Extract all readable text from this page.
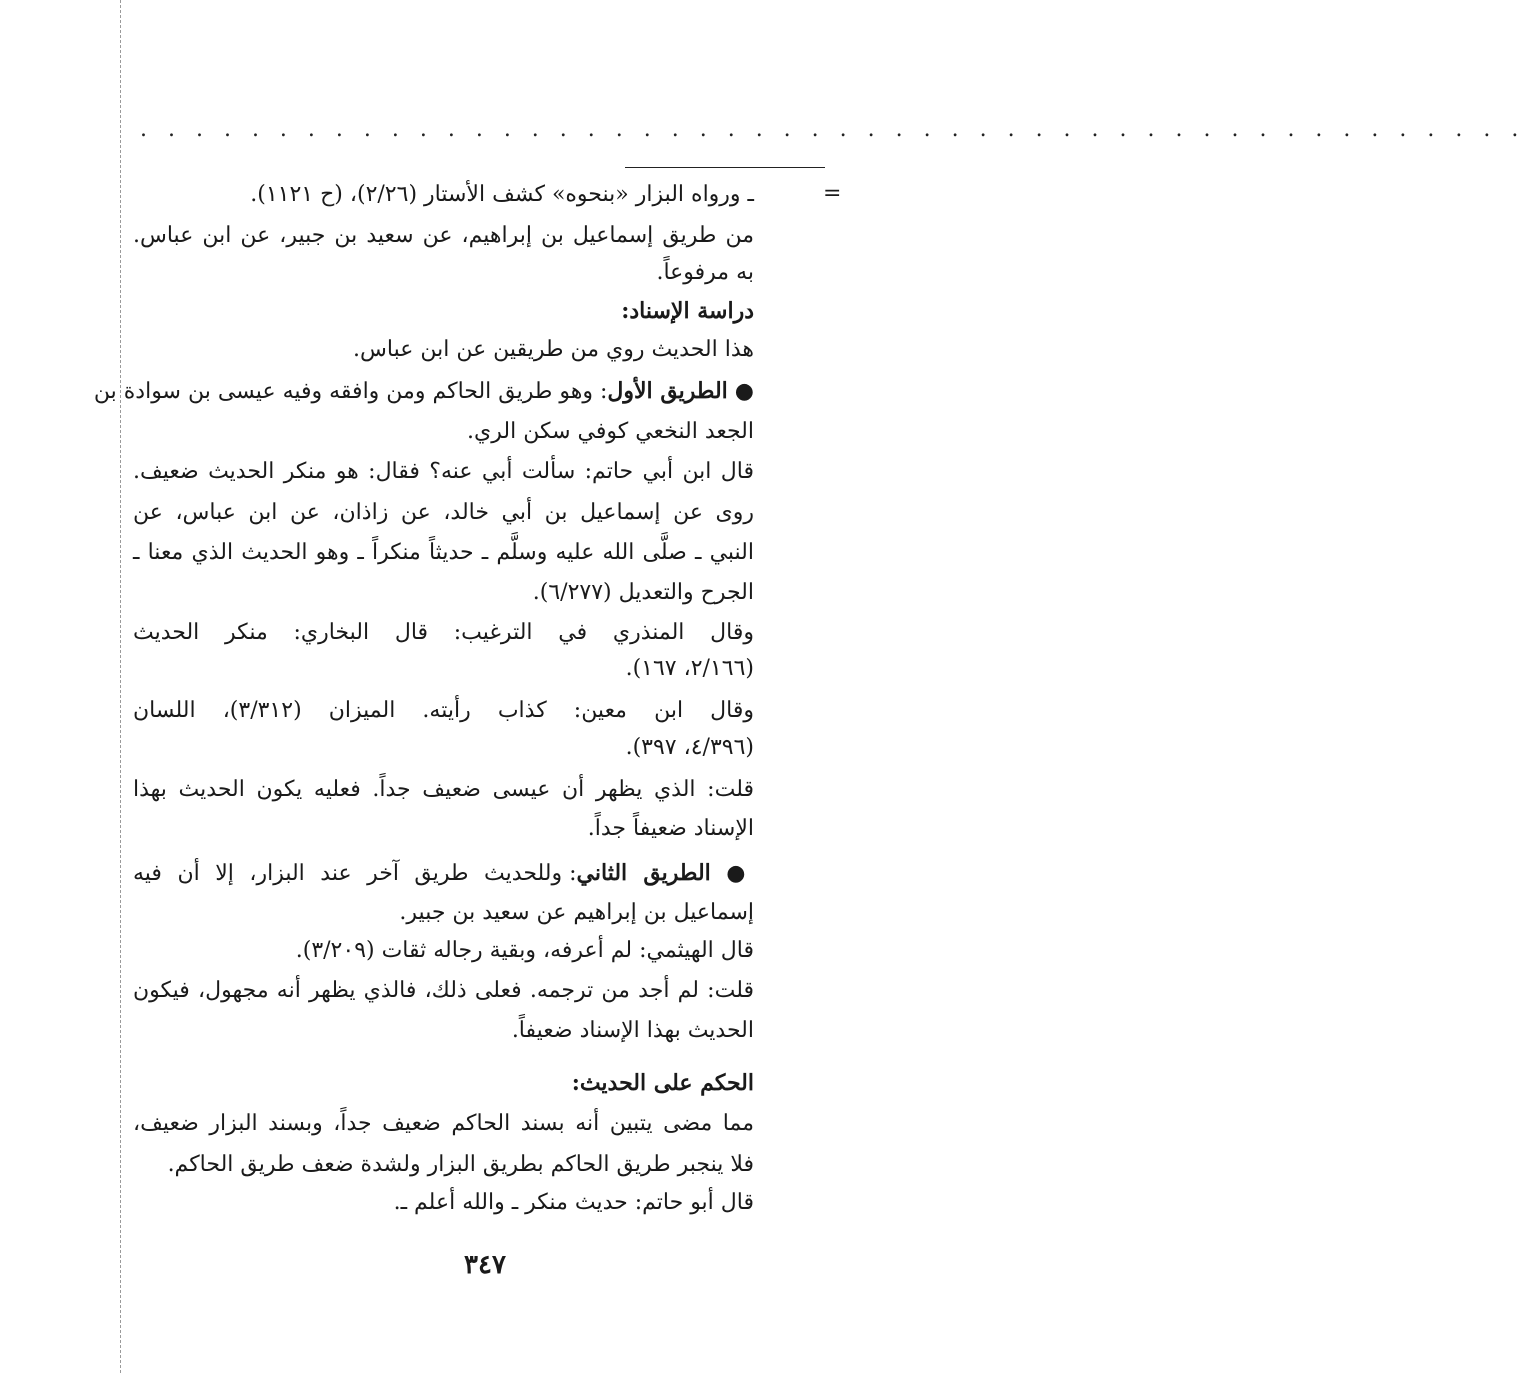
. . . . . . . . . . . . . . . . . . . . . . . . . . . . . . . . . . . . . . . . . . . . . . . . . .
=
ـ ورواه البزار «بنحوه» كشف الأستار (٢/٢٦)، (ح ١١٢١).
من طريق إسماعيل بن إبراهيم، عن سعيد بن جبير، عن ابن عباس.
به مرفوعاً.
دراسة الإسناد:
هذا الحديث روي من طريقين عن ابن عباس.
● الطريق الأول: وهو طريق الحاكم ومن وافقه وفيه عيسى بن سوادة بن
الجعد النخعي كوفي سكن الري.
قال ابن أبي حاتم: سألت أبي عنه؟ فقال: هو منكر الحديث ضعيف.
روى عن إسماعيل بن أبي خالد، عن زاذان، عن ابن عباس، عن
النبي ـ صلَّى الله عليه وسلَّم ـ حديثاً منكراً ـ وهو الحديث الذي معنا ـ
الجرح والتعديل (٦/٢٧٧).
وقال المنذري في الترغيب: قال البخاري: منكر الحديث
(٢/١٦٦، ١٦٧).
وقال ابن معين: كذاب رأيته. الميزان (٣/٣١٢)، اللسان
(٤/٣٩٦، ٣٩٧).
قلت: الذي يظهر أن عيسى ضعيف جداً. فعليه يكون الحديث بهذا
الإسناد ضعيفاً جداً.
● الطريق الثاني: وللحديث طريق آخر عند البزار، إلا أن فيه
إسماعيل بن إبراهيم عن سعيد بن جبير.
قال الهيثمي: لم أعرفه، وبقية رجاله ثقات (٣/٢٠٩).
قلت: لم أجد من ترجمه. فعلى ذلك، فالذي يظهر أنه مجهول، فيكون
الحديث بهذا الإسناد ضعيفاً.
الحكم على الحديث:
مما مضى يتبين أنه بسند الحاكم ضعيف جداً، وبسند البزار ضعيف،
فلا ينجبر طريق الحاكم بطريق البزار ولشدة ضعف طريق الحاكم.
قال أبو حاتم: حديث منكر ـ والله أعلم ـ.
٣٤٧
